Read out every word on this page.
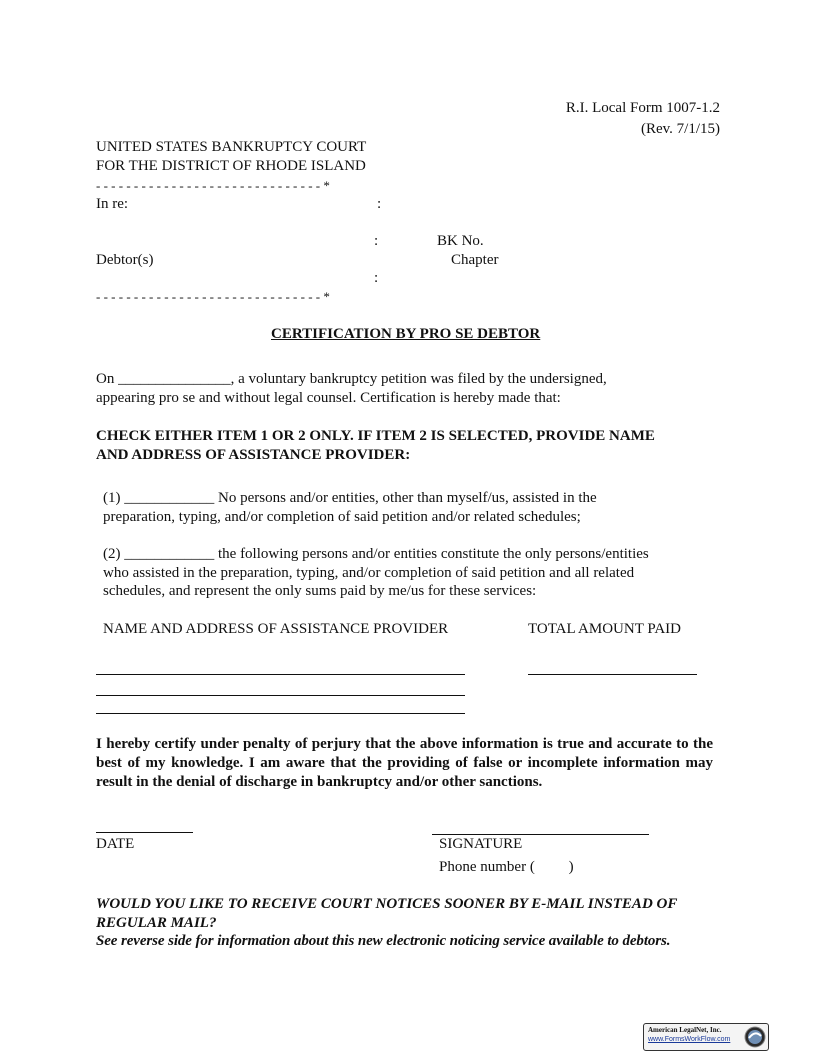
R.I. Local Form 1007-1.2
(Rev. 7/1/15)
UNITED STATES BANKRUPTCY COURT
FOR THE DISTRICT OF RHODE ISLAND
- - - - - - - - - - - - - - - - - - - - - - - - - - - - - - *
In re:	:
:	BK No.
Debtor(s)	Chapter
:
- - - - - - - - - - - - - - - - - - - - - - - - - - - - - - *
CERTIFICATION BY PRO SE DEBTOR
On _______________, a voluntary bankruptcy petition was filed by the undersigned,
appearing pro se and without legal counsel. Certification is hereby made that:
CHECK EITHER ITEM 1 OR 2 ONLY. IF ITEM 2 IS SELECTED, PROVIDE NAME
AND ADDRESS OF ASSISTANCE PROVIDER:
(1) ____________ No persons and/or entities, other than myself/us, assisted in the
preparation, typing, and/or completion of said petition and/or related schedules;
(2) ____________ the following persons and/or entities constitute the only persons/entities
who assisted in the preparation, typing, and/or completion of said petition and all related
schedules, and represent the only sums paid by me/us for these services:
NAME AND ADDRESS OF ASSISTANCE PROVIDER	TOTAL AMOUNT PAID
I hereby certify under penalty of perjury that the above information is true and accurate to the best of my knowledge. I am aware that the providing of false or incomplete information may result in the denial of discharge in bankruptcy and/or other sanctions.
DATE	SIGNATURE
Phone number (         )
WOULD YOU LIKE TO RECEIVE COURT NOTICES SOONER BY E-MAIL INSTEAD OF
REGULAR MAIL?
See reverse side for information about this new electronic noticing service available to debtors.
American LegalNet, Inc.
www.FormsWorkFlow.com
